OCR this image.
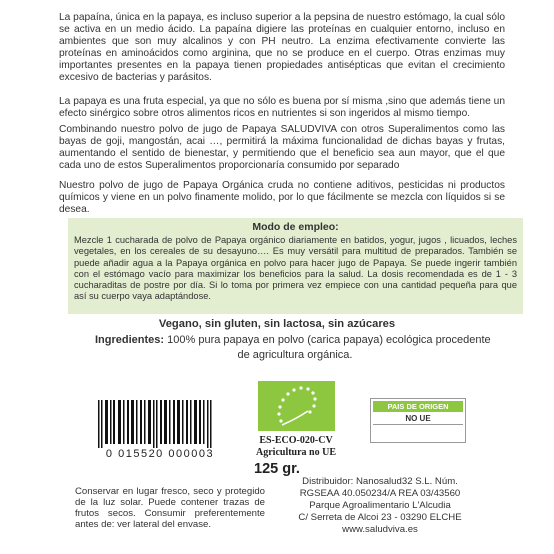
La papaína, única en la papaya, es incluso superior a la pepsina de nuestro estómago, la cual sólo se activa en un medio ácido. La papaína digiere las proteínas en cualquier entorno, incluso en ambientes que son muy alcalinos y con PH neutro. La enzima efectivamente convierte las proteínas en aminoácidos como arginina, que no se produce en el cuerpo. Otras enzimas muy importantes presentes en la papaya tienen propiedades antisépticas que evitan el crecimiento excesivo de bacterias y parásitos.

La papaya es una fruta especial, ya que no sólo es buena por sí misma ,sino que además tiene un efecto sinérgico sobre otros alimentos ricos en nutrientes si son ingeridos al mismo tiempo.

Combinando nuestro polvo de jugo de Papaya SALUDVIVA con otros Superalimentos como las bayas de goji, mangostán, acai …, permitirá la máxima funcionalidad de dichas bayas y frutas, aumentando el sentido de bienestar, y permitiendo que el beneficio sea aun mayor, que el que cada uno de estos Superalimentos proporcionaría consumido por separado

Nuestro polvo de jugo de Papaya Orgánica cruda no contiene aditivos, pesticidas ni productos químicos y viene en un polvo finamente molido, por lo que fácilmente se mezcla con líquidos si se desea.

Modo de empleo:

Mezcle 1 cucharada de polvo de Papaya orgánico diariamente en batidos, yogur, jugos , licuados, leches vegetales, en los cereales de su desayuno…. Es muy versátil para multitud de preparados. También se puede añadir agua a la Papaya orgánica en polvo para hacer jugo de Papaya. Se puede ingerir también con el estómago vacío para maximizar los beneficios para la salud. La dosis recomendada es de 1 - 3 cucharaditas de postre por día. Si lo toma por primera vez empiece con una cantidad pequeña para que así su cuerpo vaya adaptándose.

Vegano, sin gluten, sin lactosa, sin azúcares
Ingredientes: 100% pura papaya en polvo (carica papaya) ecológica procedente
de agricultura orgánica.
0 015520 000003
ES-ECO-020-CV
Agricultura no UE
PAIS DE ORIGEN
NO UE
125 gr.
Conservar en lugar fresco, seco y protegido de la luz solar. Puede contener trazas de frutos secos. Consumir preferentemente antes de: ver lateral del envase.
Distribuidor: Nanosalud32 S.L. Núm.
RGSEAA 40.050234/A REA 03/43560
Parque Agroalimentario L'Alcudia
C/ Serreta de Alcoi 23 - 03290 ELCHE
www.saludviva.es
